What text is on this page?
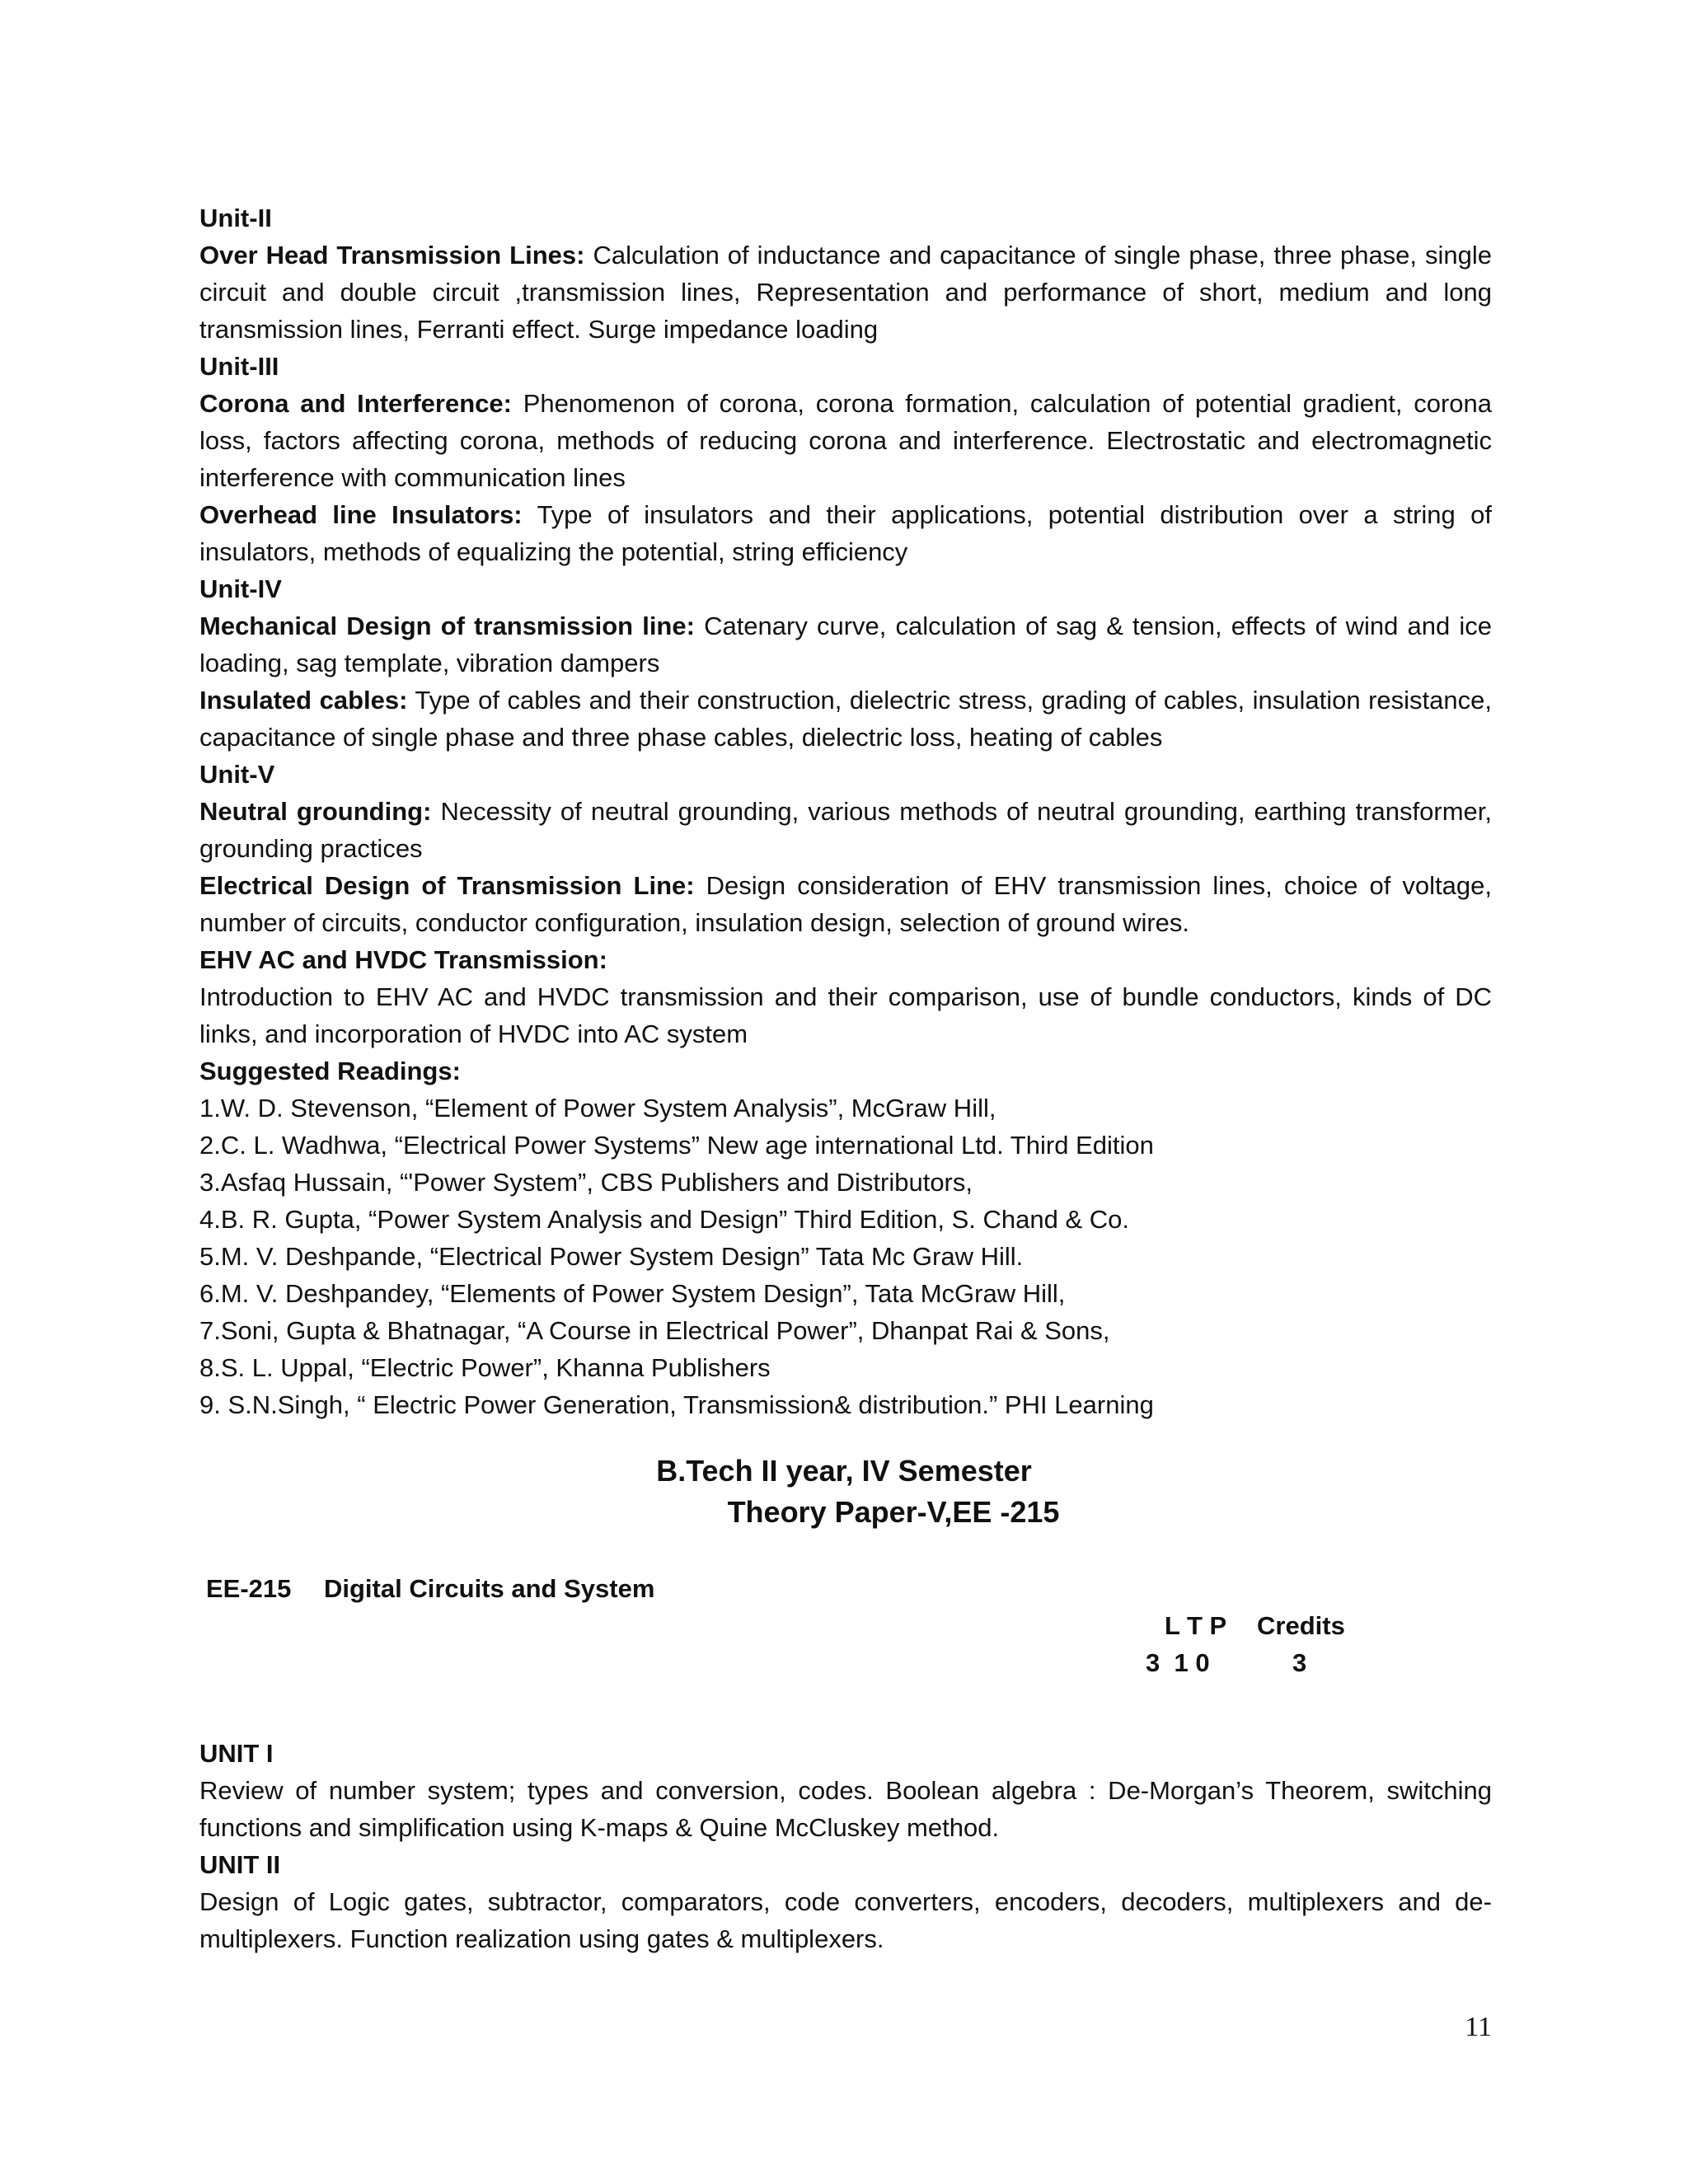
Unit-II
Over Head Transmission Lines: Calculation of inductance and capacitance of single phase, three phase, single circuit and double circuit ,transmission lines, Representation and performance of short, medium and long transmission lines, Ferranti effect. Surge impedance loading
Unit-III
Corona and Interference: Phenomenon of corona, corona formation, calculation of potential gradient, corona loss, factors affecting corona, methods of reducing corona and interference. Electrostatic and electromagnetic interference with communication lines
Overhead line Insulators: Type of insulators and their applications, potential distribution over a string of insulators, methods of equalizing the potential, string efficiency
Unit-IV
Mechanical Design of transmission line: Catenary curve, calculation of sag & tension, effects of wind and ice loading, sag template, vibration dampers
Insulated cables: Type of cables and their construction, dielectric stress, grading of cables, insulation resistance, capacitance of single phase and three phase cables, dielectric loss, heating of cables
Unit-V
Neutral grounding: Necessity of neutral grounding, various methods of neutral grounding, earthing transformer, grounding practices
Electrical Design of Transmission Line: Design consideration of EHV transmission lines, choice of voltage, number of circuits, conductor configuration, insulation design, selection of ground wires.
EHV AC and HVDC Transmission:
Introduction to EHV AC and HVDC transmission and their comparison, use of bundle conductors, kinds of DC links, and incorporation of HVDC into AC system
Suggested Readings:
1.W. D. Stevenson, “Element of Power System Analysis”, McGraw Hill,
2.C. L. Wadhwa, “Electrical Power Systems” New age international Ltd. Third Edition
3.Asfaq Hussain, “'Power System”, CBS Publishers and Distributors,
4.B. R. Gupta, “Power System Analysis and Design” Third Edition, S. Chand & Co.
5.M. V. Deshpande, “Electrical Power System Design” Tata Mc Graw Hill.
6.M. V. Deshpandey, “Elements of Power System Design”, Tata McGraw Hill,
7.Soni, Gupta & Bhatnagar, “A Course in Electrical Power”, Dhanpat Rai & Sons,
8.S. L. Uppal, “Electric Power”, Khanna Publishers
9. S.N.Singh, “ Electric Power Generation, Transmission& distribution.” PHI Learning
B.Tech II year, IV Semester
Theory Paper-V,EE -215
EE-215 Digital Circuits and System
L T P Credits
3  1 0	3
UNIT I
Review of number system; types and conversion, codes. Boolean algebra : De-Morgan’s Theorem, switching functions and simplification using K-maps & Quine McCluskey method.
UNIT II
Design of Logic gates, subtractor, comparators, code converters, encoders, decoders, multiplexers and de-multiplexers. Function realization using gates & multiplexers.
11
